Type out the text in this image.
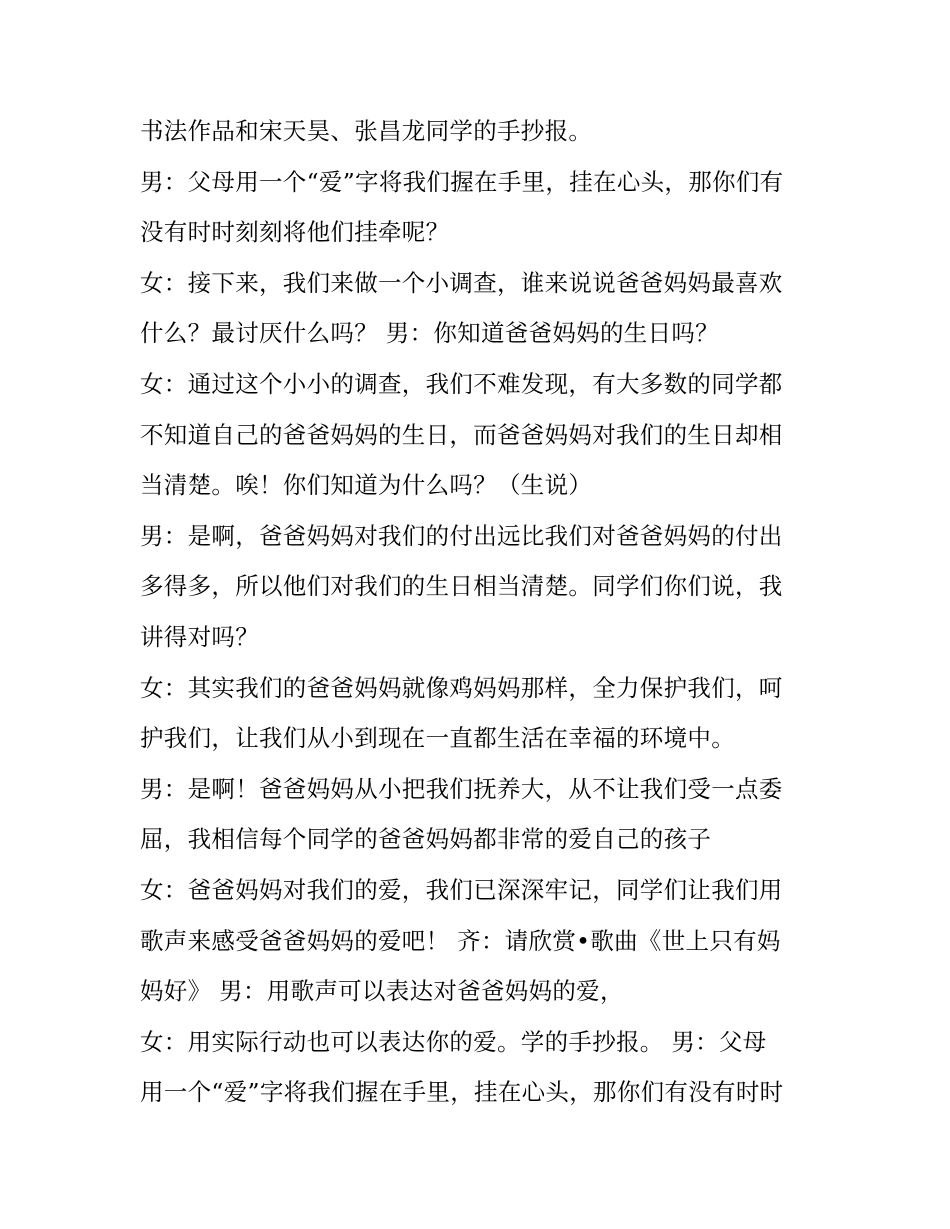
书法作品和宋天昊、张昌龙同学的手抄报。
男：父母用一个“爱”字将我们握在手里，挂在心头，那你们有
没有时时刻刻将他们挂牵呢？
女：接下来，我们来做一个小调查，谁来说说爸爸妈妈最喜欢
什么？最讨厌什么吗？ 男：你知道爸爸妈妈的生日吗？
女：通过这个小小的调查，我们不难发现，有大多数的同学都
不知道自己的爸爸妈妈的生日，而爸爸妈妈对我们的生日却相
当清楚。唉！你们知道为什么吗？（生说）
男：是啊，爸爸妈妈对我们的付出远比我们对爸爸妈妈的付出
多得多，所以他们对我们的生日相当清楚。同学们你们说，我
讲得对吗？
女：其实我们的爸爸妈妈就像鸡妈妈那样，全力保护我们，呵
护我们，让我们从小到现在一直都生活在幸福的环境中。
男：是啊！爸爸妈妈从小把我们抚养大，从不让我们受一点委
屈，我相信每个同学的爸爸妈妈都非常的爱自己的孩子
女：爸爸妈妈对我们的爱，我们已深深牢记，同学们让我们用
歌声来感受爸爸妈妈的爱吧！ 齐：请欣赏•歌曲《世上只有妈
妈好》 男：用歌声可以表达对爸爸妈妈的爱，
女：用实际行动也可以表达你的爱。学的手抄报。 男：父母
用一个“爱”字将我们握在手里，挂在心头，那你们有没有时时
